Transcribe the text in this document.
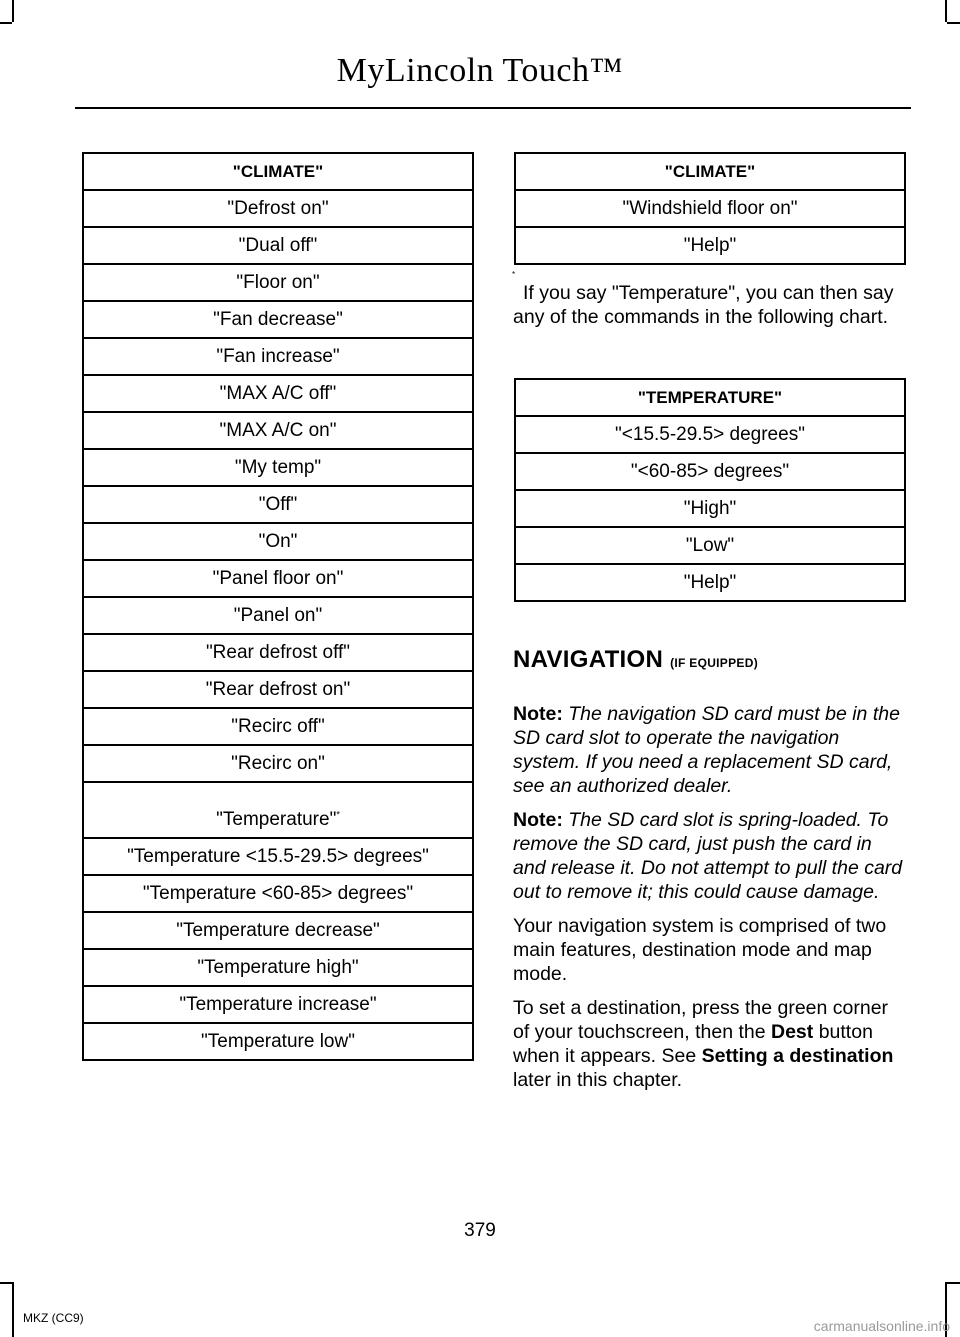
MyLincoln Touch™
"CLIMATE"
"Defrost on"
"Dual off"
"Floor on"
"Fan decrease"
"Fan increase"
"MAX A/C off"
"MAX A/C on"
"My temp"
"Off"
"On"
"Panel floor on"
"Panel on"
"Rear defrost off"
"Rear defrost on"
"Recirc off"
"Recirc on"
"Temperature"*
"Temperature <15.5-29.5> degrees"
"Temperature <60-85> degrees"
"Temperature decrease"
"Temperature high"
"Temperature increase"
"Temperature low"
"CLIMATE"
"Windshield floor on"
"Help"
*
If you say "Temperature", you can then say any of the commands in the following chart.
"TEMPERATURE"
"<15.5-29.5> degrees"
"<60-85> degrees"
"High"
"Low"
"Help"
NAVIGATION (IF EQUIPPED)

Note: The navigation SD card must be in the SD card slot to operate the navigation system. If you need a replacement SD card, see an authorized dealer.

Note: The SD card slot is spring-loaded. To remove the SD card, just push the card in and release it. Do not attempt to pull the card out to remove it; this could cause damage.

Your navigation system is comprised of two main features, destination mode and map mode.

To set a destination, press the green corner of your touchscreen, then the Dest button when it appears. See Setting a destination later in this chapter.

379
MKZ (CC9)	carmanualsonline.info
